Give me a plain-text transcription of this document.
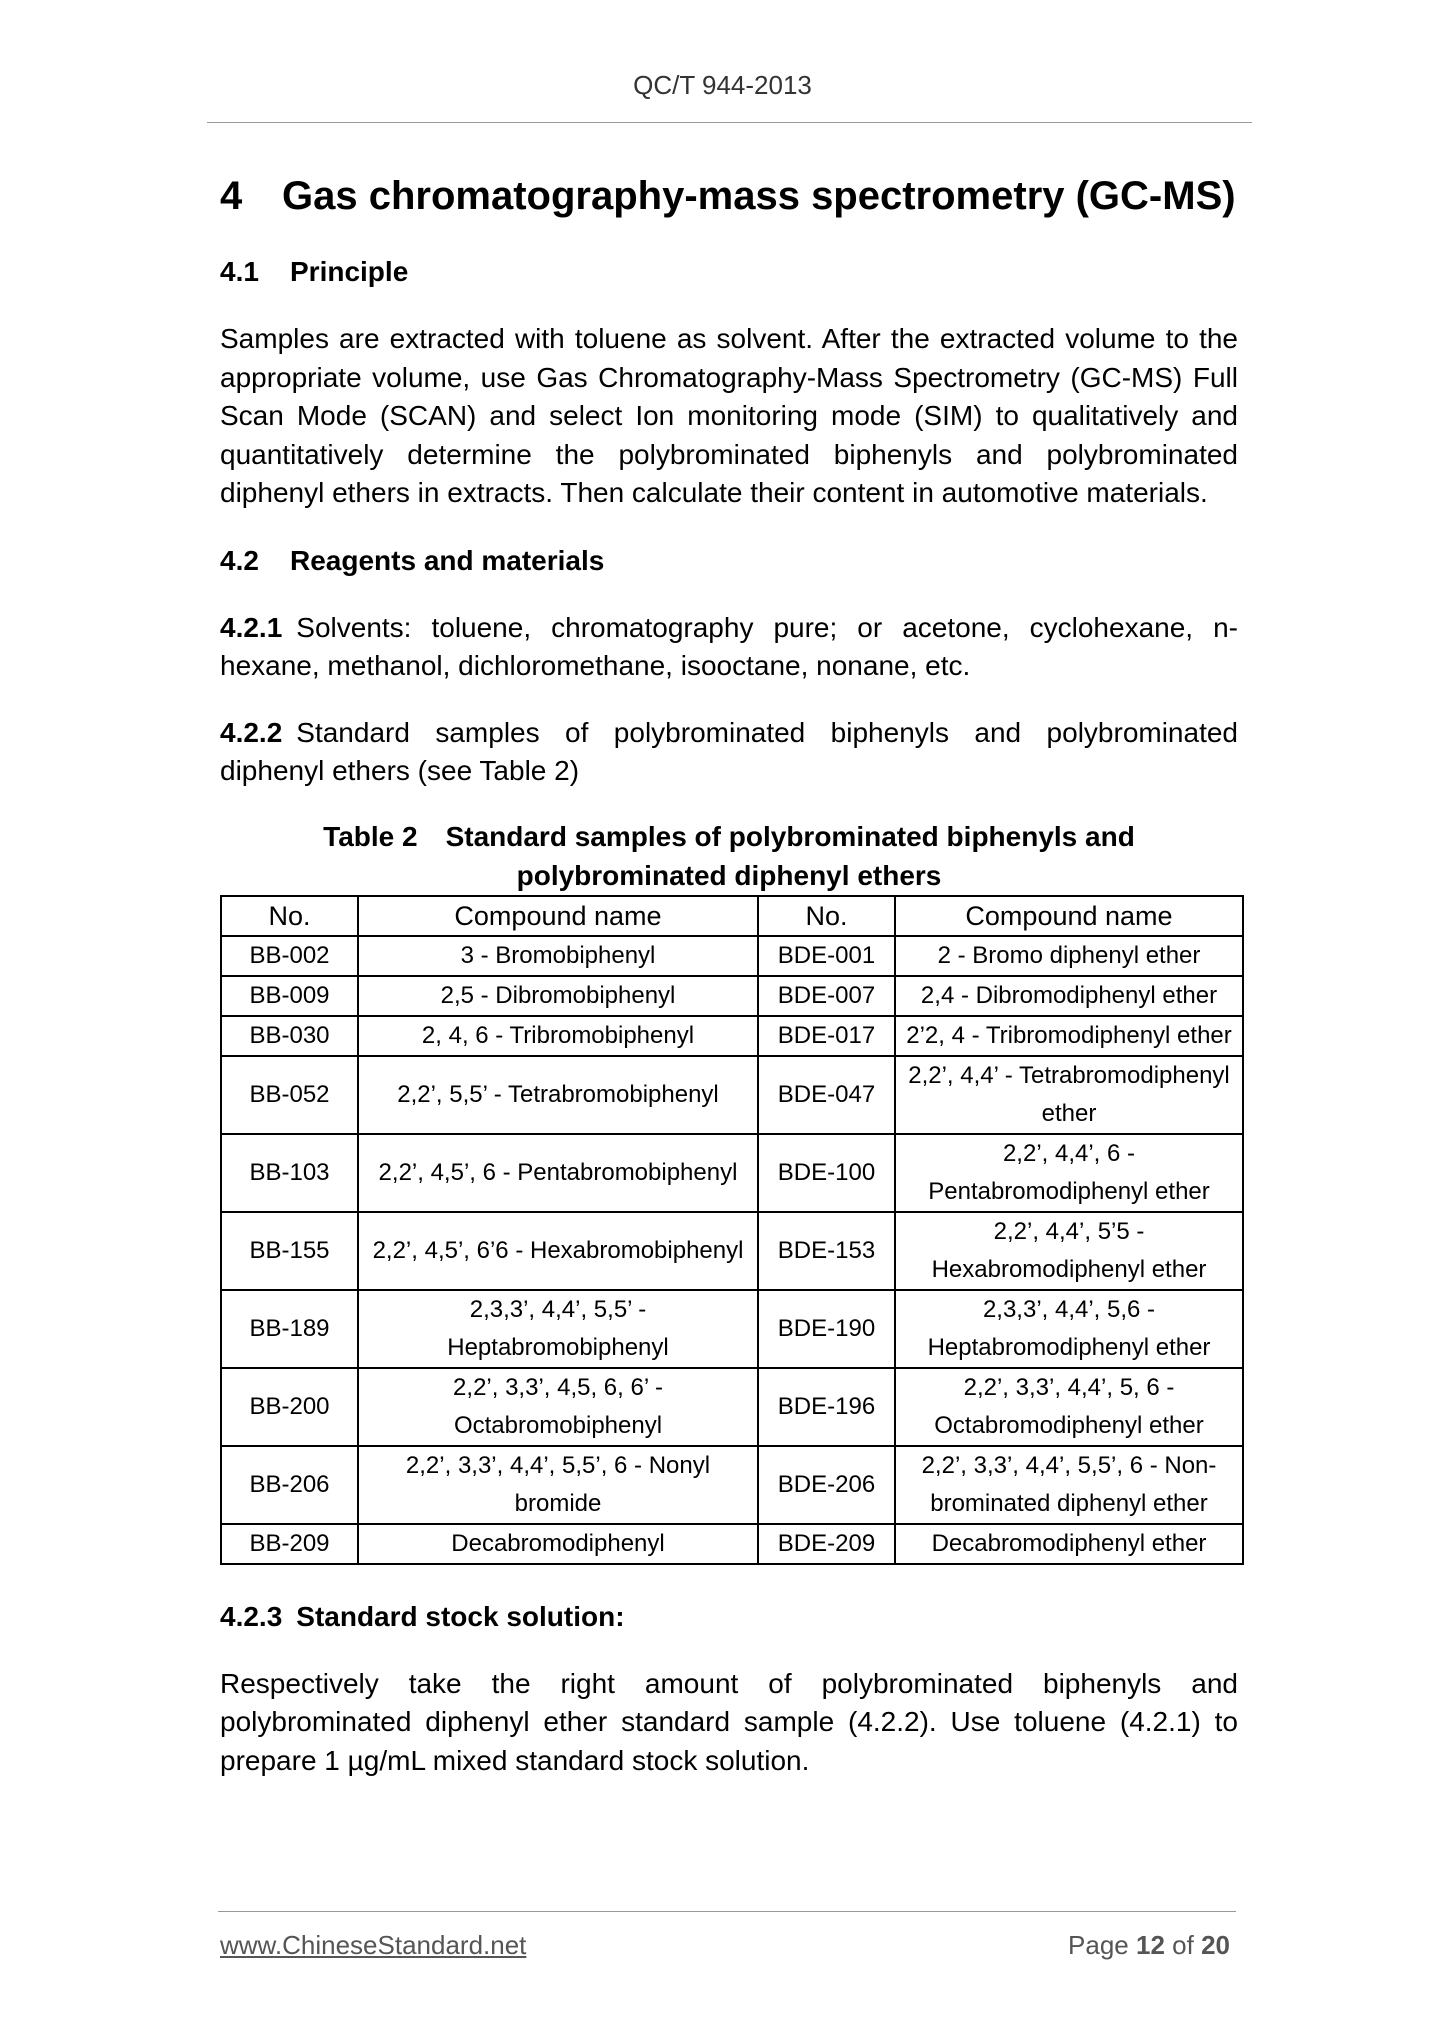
QC/T 944-2013
4 Gas chromatography-mass spectrometry (GC-MS)
4.1 Principle

Samples are extracted with toluene as solvent. After the extracted volume to the appropriate volume, use Gas Chromatography-Mass Spectrometry (GC-MS) Full Scan Mode (SCAN) and select Ion monitoring mode (SIM) to qualitatively and quantitatively determine the polybrominated biphenyls and polybrominated diphenyl ethers in extracts. Then calculate their content in automotive materials.

4.2 Reagents and materials

4.2.1 Solvents: toluene, chromatography pure; or acetone, cyclohexane, n-hexane, methanol, dichloromethane, isooctane, nonane, etc.

4.2.2 Standard samples of polybrominated biphenyls and polybrominated diphenyl ethers (see Table 2)

Table 2 Standard samples of polybrominated biphenyls and
polybrominated diphenyl ethers
No.	Compound name	No.	Compound name
BB-002	3 - Bromobiphenyl	BDE-001	2 - Bromo diphenyl ether
BB-009	2,5 - Dibromobiphenyl	BDE-007	2,4 - Dibromodiphenyl ether
BB-030	2, 4, 6 - Tribromobiphenyl	BDE-017	2’2, 4 - Tribromodiphenyl ether
BB-052	2,2’, 5,5’ - Tetrabromobiphenyl	BDE-047	2,2’, 4,4’ - Tetrabromodiphenyl ether
BB-103	2,2’, 4,5’, 6 - Pentabromobiphenyl	BDE-100	2,2’, 4,4’, 6 - Pentabromodiphenyl ether
BB-155	2,2’, 4,5’, 6’6 - Hexabromobiphenyl	BDE-153	2,2’, 4,4’, 5’5 - Hexabromodiphenyl ether
BB-189	2,3,3’, 4,4’, 5,5’ - Heptabromobiphenyl	BDE-190	2,3,3’, 4,4’, 5,6 - Heptabromodiphenyl ether
BB-200	2,2’, 3,3’, 4,5, 6, 6’ - Octabromobiphenyl	BDE-196	2,2’, 3,3’, 4,4’, 5, 6 - Octabromodiphenyl ether
BB-206	2,2’, 3,3’, 4,4’, 5,5’, 6 - Nonyl bromide	BDE-206	2,2’, 3,3’, 4,4’, 5,5’, 6 - Non-brominated diphenyl ether
BB-209	Decabromodiphenyl	BDE-209	Decabromodiphenyl ether
4.2.3 Standard stock solution:

Respectively take the right amount of polybrominated biphenyls and polybrominated diphenyl ether standard sample (4.2.2). Use toluene (4.2.1) to prepare 1 µg/mL mixed standard stock solution.

www.ChineseStandard.net	Page 12 of 20
